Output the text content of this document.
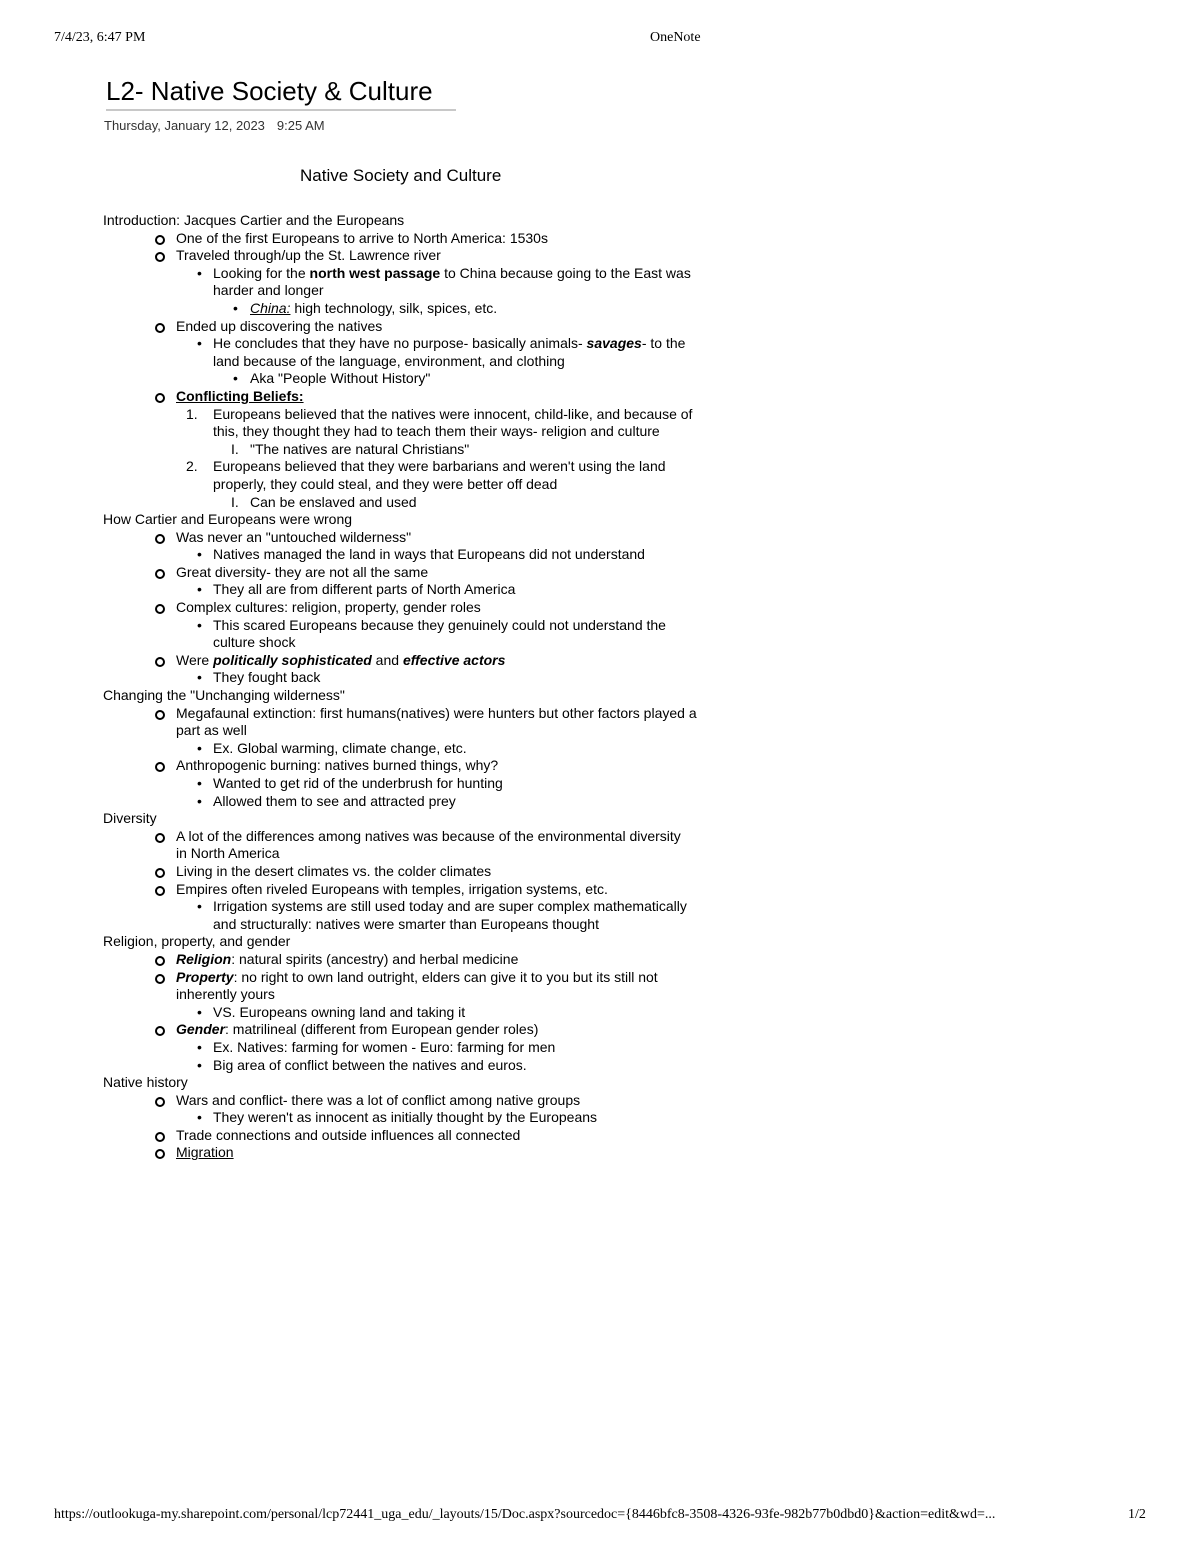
7/4/23, 6:47 PM	OneNote
L2- Native Society & Culture
Thursday, January 12, 2023 9:25 AM
Native Society and Culture
Introduction: Jacques Cartier and the Europeans
One of the first Europeans to arrive to North America: 1530s
Traveled through/up the St. Lawrence river
• Looking for the north west passage to China because going to the East was harder and longer
• China: high technology, silk, spices, etc.
Ended up discovering the natives
• He concludes that they have no purpose- basically animals- savages- to the land because of the language, environment, and clothing
• Aka "People Without History"
Conflicting Beliefs:
1. Europeans believed that the natives were innocent, child-like, and because of this, they thought they had to teach them their ways- religion and culture
I. "The natives are natural Christians"
2. Europeans believed that they were barbarians and weren't using the land properly, they could steal, and they were better off dead
I. Can be enslaved and used
How Cartier and Europeans were wrong
Was never an "untouched wilderness"
• Natives managed the land in ways that Europeans did not understand
Great diversity- they are not all the same
• They all are from different parts of North America
Complex cultures: religion, property, gender roles
• This scared Europeans because they genuinely could not understand the culture shock
Were politically sophisticated and effective actors
• They fought back
Changing the "Unchanging wilderness"
Megafaunal extinction: first humans(natives) were hunters but other factors played a part as well
• Ex. Global warming, climate change, etc.
Anthropogenic burning: natives burned things, why?
• Wanted to get rid of the underbrush for hunting
• Allowed them to see and attracted prey
Diversity
A lot of the differences among natives was because of the environmental diversity in North America
Living in the desert climates vs. the colder climates
Empires often riveled Europeans with temples, irrigation systems, etc.
• Irrigation systems are still used today and are super complex mathematically and structurally: natives were smarter than Europeans thought
Religion, property, and gender
Religion: natural spirits (ancestry) and herbal medicine
Property: no right to own land outright, elders can give it to you but its still not inherently yours
• VS. Europeans owning land and taking it
Gender: matrilineal (different from European gender roles)
• Ex. Natives: farming for women - Euro: farming for men
• Big area of conflict between the natives and euros.
Native history
Wars and conflict- there was a lot of conflict among native groups
• They weren't as innocent as initially thought by the Europeans
Trade connections and outside influences all connected
Migration
https://outlookuga-my.sharepoint.com/personal/lcp72441_uga_edu/_layouts/15/Doc.aspx?sourcedoc={8446bfc8-3508-4326-93fe-982b77b0dbd0}&action=edit&wd=...	1/2
